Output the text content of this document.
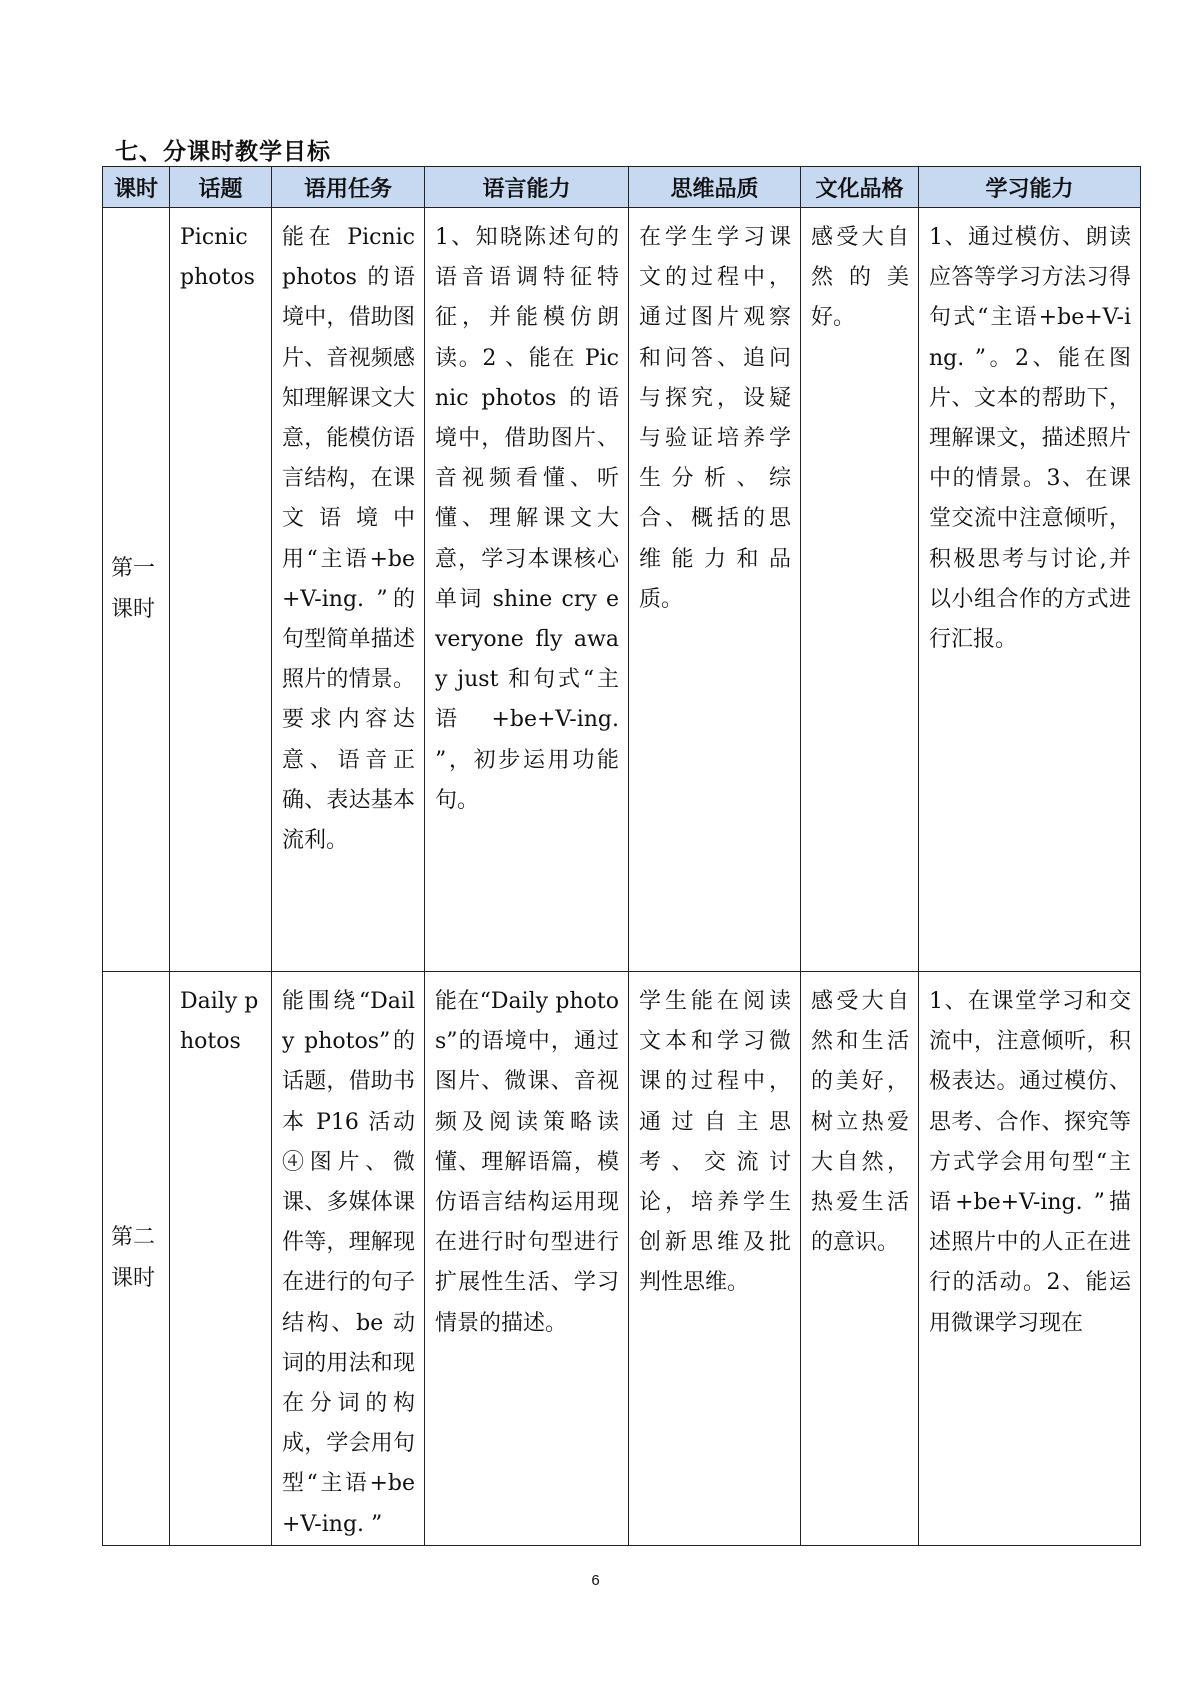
七、分课时教学目标
课时	话题	语用任务	语言能力	思维品质	文化品格	学习能力
第一课时	Picnic photos	能在 Picnic photos 的语境中，借助图片、音视频感知理解课文大意，能模仿语言结构，在课文语境中用“主语+be+V-ing. ”的句型简单描述照片的情景。要求内容达意、语音正确、表达基本流利。	1、知晓陈述句的语音语调特征特征，并能模仿朗读。2 、能在 Picnic photos 的语境中，借助图片、音视频看懂、听懂、理解课文大意，学习本课核心单词 shine cry everyone fly away just 和句式“主语+be+V-ing. ”，初步运用功能句。	在学生学习课文的过程中，通过图片观察和问答、追问与探究，设疑与验证培养学生分析、综合、概括的思维能力和品质。	感受大自然的美好。	1、通过模仿、朗读应答等学习方法习得句式“主语+be+V-ing. ”。2、能在图片、文本的帮助下，理解课文，描述照片中的情景。3、在课堂交流中注意倾听，积极思考与讨论,并以小组合作的方式进行汇报。
第二课时	Daily photos	能围绕“Daily photos”的话题，借助书本 P16 活动④图片、微课、多媒体课件等，理解现在进行的句子结构、be 动词的用法和现在分词的构成，学会用句型“主语+be+V-ing. ”	能在“Daily photos”的语境中，通过图片、微课、音视频及阅读策略读懂、理解语篇，模仿语言结构运用现在进行时句型进行扩展性生活、学习情景的描述。	学生能在阅读文本和学习微课的过程中，通过自主思考、交流讨论，培养学生创新思维及批判性思维。	感受大自然和生活的美好，树立热爱大自然，热爱生活的意识。	1、在课堂学习和交流中，注意倾听，积极表达。通过模仿、思考、合作、探究等方式学会用句型“主语+be+V-ing. ”描述照片中的人正在进行的活动。2、能运用微课学习现在
6
